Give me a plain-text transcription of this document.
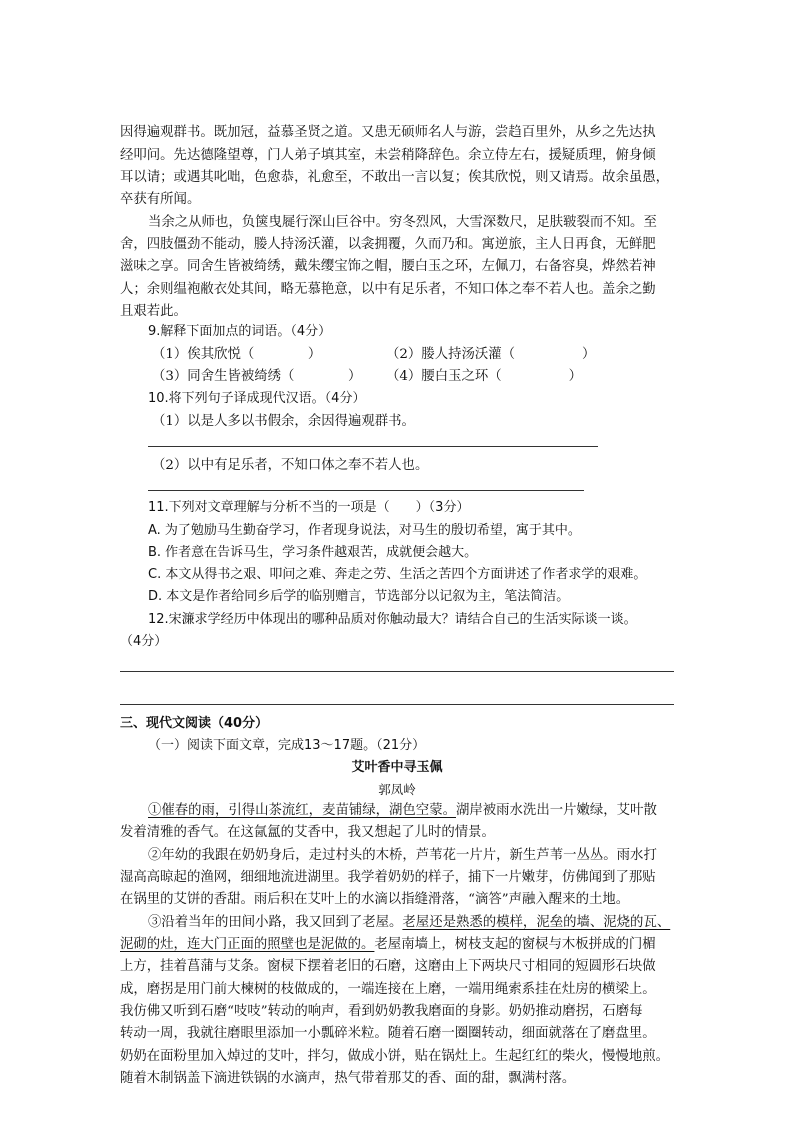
因得遍观群书。既加冠，益慕圣贤之道。又患无硕师名人与游，尝趋百里外，从乡之先达执
经叩问。先达德隆望尊，门人弟子填其室，未尝稍降辞色。余立侍左右，援疑质理，俯身倾
耳以请；或遇其叱咄，色愈恭，礼愈至，不敢出一言以复；俟其欣悦，则又请焉。故余虽愚，
卒获有所闻。
当余之从师也，负箧曳屣行深山巨谷中。穷冬烈风，大雪深数尺，足肤皲裂而不知。至
舍，四肢僵劲不能动，媵人持汤沃灌，以衾拥覆，久而乃和。寓逆旅，主人日再食，无鲜肥
滋味之享。同舍生皆被绮绣，戴朱缨宝饰之帽，腰白玉之环，左佩刀，右备容臭，烨然若神
人；余则缊袍敝衣处其间，略无慕艳意，以中有足乐者，不知口体之奉不若人也。盖余之勤
且艰若此。
9.解释下面加点的词语。（4分）
（1）俟其欣悦（　　　　）	（2）媵人持汤沃灌（　　　　　）
（3）同舍生皆被绮绣（　　　　） （4）腰白玉之环（　　　　　）
10.将下列句子译成现代汉语。（4分）
（1）以是人多以书假余，余因得遍观群书。
（2）以中有足乐者，不知口体之奉不若人也。
11.下列对文章理解与分析不当的一项是（　　）（3分）
A. 为了勉励马生勤奋学习，作者现身说法，对马生的殷切希望，寓于其中。
B. 作者意在告诉马生，学习条件越艰苦，成就便会越大。
C. 本文从得书之艰、叩问之难、奔走之劳、生活之苦四个方面讲述了作者求学的艰难。
D. 本文是作者给同乡后学的临别赠言，节选部分以记叙为主，笔法简洁。
12.宋濂求学经历中体现出的哪种品质对你触动最大？请结合自己的生活实际谈一谈。
（4分）
三、现代文阅读（40分）
（一）阅读下面文章，完成13～17题。（21分）
艾叶香中寻玉佩
郭凤岭
①催春的雨，引得山茶流红，麦苗铺绿，湖色空蒙。湖岸被雨水洗出一片嫩绿，艾叶散
发着清雅的香气。在这氤氲的艾香中，我又想起了儿时的情景。
②年幼的我跟在奶奶身后，走过村头的木桥，芦苇花一片片，新生芦苇一丛丛。雨水打
湿高高晾起的渔网，细细地流进湖里。我学着奶奶的样子，捕下一片嫩芽，仿佛闻到了那贴
在锅里的艾饼的香甜。雨后积在艾叶上的水滴以指缝滑落，“滴答”声融入醒来的土地。
③沿着当年的田间小路，我又回到了老屋。老屋还是熟悉的模样，泥垒的墙、泥烧的瓦、
泥砌的灶，连大门正面的照壁也是泥做的。老屋南墙上，树枝支起的窗棂与木板拼成的门楣
上方，挂着菖蒲与艾条。窗棂下摆着老旧的石磨，这磨由上下两块尺寸相同的短圆形石块做
成，磨拐是用门前大楝树的枝做成的，一端连接在上磨，一端用绳索系挂在灶房的横梁上。
我仿佛又听到石磨“吱吱”转动的响声，看到奶奶教我磨面的身影。奶奶推动磨拐，石磨每
转动一周，我就往磨眼里添加一小瓢碎米粒。随着石磨一圈圈转动，细面就落在了磨盘里。
奶奶在面粉里加入焯过的艾叶，拌匀，做成小饼，贴在锅灶上。生起红红的柴火，慢慢地煎。
随着木制锅盖下滴进铁锅的水滴声，热气带着那艾的香、面的甜，飘满村落。
